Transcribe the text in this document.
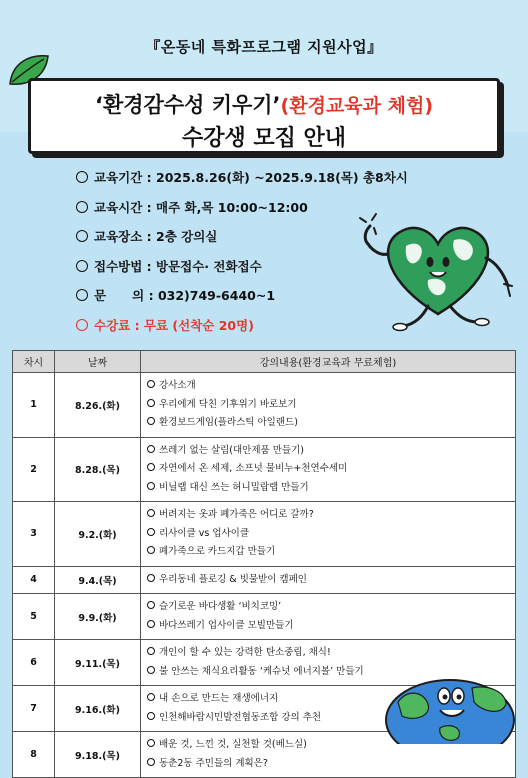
『온동네 특화프로그램 지원사업』
‘환경감수성 키우기’(환경교육과 체험)
수강생 모집 안내
교육기간 : 2025.8.26(화) ~2025.9.18(목) 총8차시
교육시간 : 매주 화,목 10:00~12:00
교육장소 : 2층 강의실
접수방법 : 방문접수· 전화접수
문      의 : 032)749-6440~1
수강료 : 무료 (선착순 20명)
차시	날짜	강의내용(환경교육과 무료체험)
1	8.26.(화)	강사소개
우리에게 닥친 기후위기 바로보기
환경보드게임(플라스틱 아일랜드)

2	8.28.(목)	쓰레기 없는 살림(대안제품 만들기)
자연에서 온 세제, 소프넛 물비누+천연수세미
비닐랩 대신 쓰는 허니밀랍랩 만들기

3	9.2.(화)	버려지는 옷과 폐가죽은 어디로 갈까?
리사이클 vs 업사이클
폐가죽으로 카드지갑 만들기

4	9.4.(목)	우리동네 플로깅 & 빗물받이 캠페인

5	9.9.(화)	슬기로운 바다생활 ‘비치코밍’
바다쓰레기 업사이클 모빌만들기

6	9.11.(목)	개인이 할 수 있는 강력한 탄소중립, 채식!
불 안쓰는 채식요리활동 ‘케슈넛 에너지볼’ 만들기

7	9.16.(화)	내 손으로 만드는 재생에너지
인천해바람시민발전협동조합 강의 추천

8	9.18.(목)	배운 것, 느낀 것, 실천할 것(베느실)
동춘2동 주민들의 계획은?
